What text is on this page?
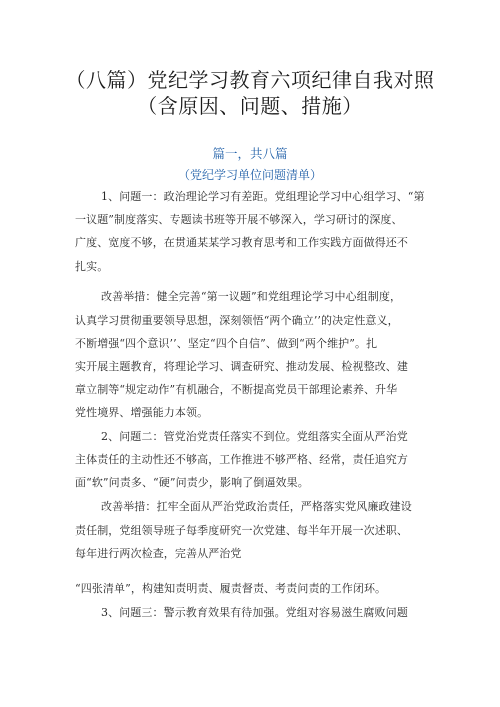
（八篇）党纪学习教育六项纪律自我对照
（含原因、问题、措施）
篇一，共八篇
（党纪学习单位问题清单）
1、问题一：政治理论学习有差距。党组理论学习中心组学习、“第
一议题”制度落实、专题读书班等开展不够深入，学习研讨的深度、
广度、宽度不够，在贯通某某学习教育思考和工作实践方面做得还不
扎实。
改善举措：健全完善“第一议题”和党组理论学习中心组制度，
认真学习贯彻重要领导思想，深刻领悟“两个确立’’的决定性意义，
不断增强“四个意识’’、坚定“四个自信”、做到“两个维护”。扎
实开展主题教育，将理论学习、调查研究、推动发展、检视整改、建
章立制等“规定动作”有机融合，不断提高党员干部理论素养、升华
党性境界、增强能力本领。
2、问题二：管党治党责任落实不到位。党组落实全面从严治党
主体责任的主动性还不够高，工作推进不够严格、经常，责任追究方
面“软”问责多、“硬”问责少，影响了倒逼效果。
改善举措：扛牢全面从严治党政治责任，严格落实党风廉政建设
责任制，党组领导班子每季度研究一次党建、每半年开展一次述职、
每年进行两次检查，完善从严治党
“四张清单”，构建知责明责、履责督责、考责问责的工作闭环。
3、问题三：警示教育效果有待加强。党组对容易滋生腐败问题
